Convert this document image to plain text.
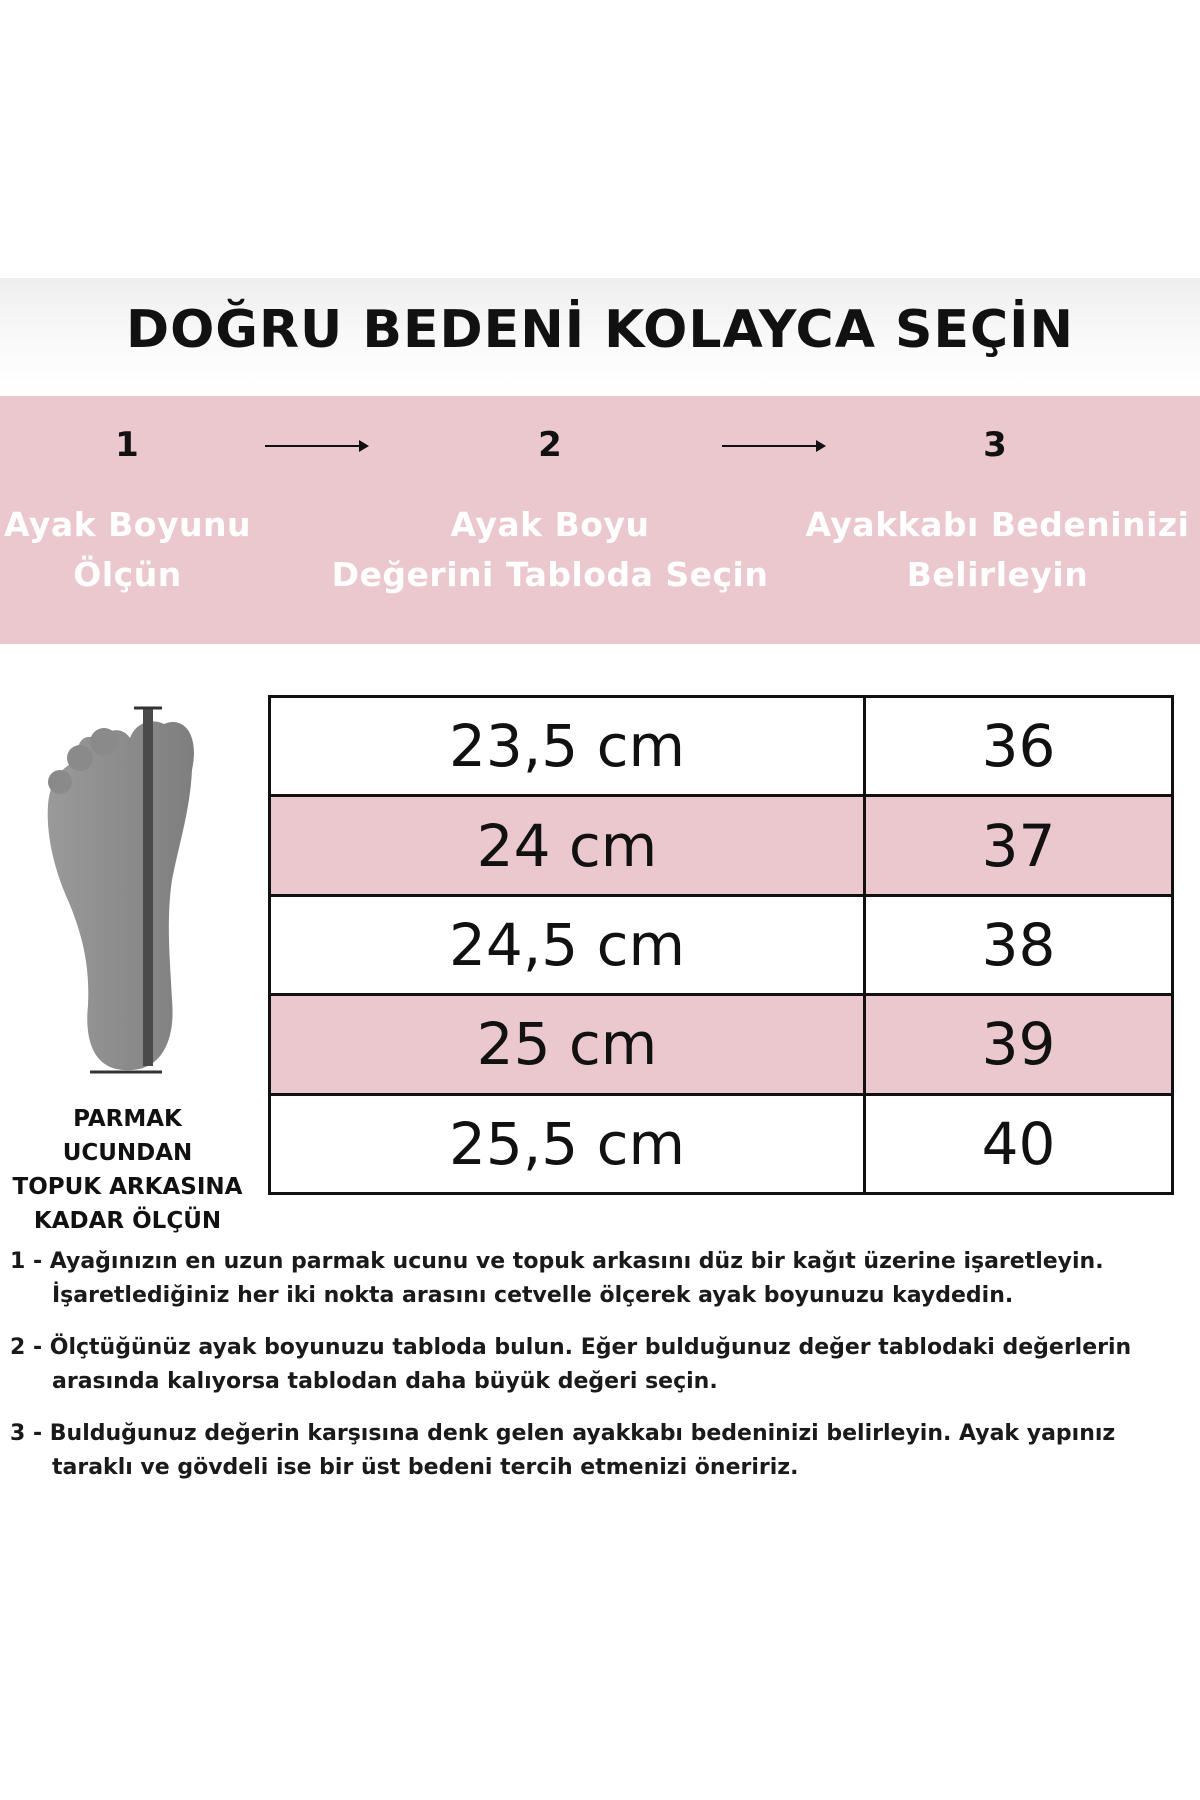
DOĞRU BEDENİ KOLAYCA SEÇİN
1	2	3
Ayak Boyunu
Ölçün
Ayak Boyu
Değerini Tabloda Seçin
Ayakkabı Bedeninizi
Belirleyin
PARMAK UCUNDAN
TOPUK ARKASINA
KADAR ÖLÇÜN
23,5 cm	36
24 cm	37
24,5 cm	38
25 cm	39
25,5 cm	40
1 - Ayağınızın en uzun parmak ucunu ve topuk arkasını düz bir kağıt üzerine işaretleyin.
İşaretlediğiniz her iki nokta arasını cetvelle ölçerek ayak boyunuzu kaydedin.
2 - Ölçtüğünüz ayak boyunuzu tabloda bulun. Eğer bulduğunuz değer tablodaki değerlerin
arasında kalıyorsa tablodan daha büyük değeri seçin.
3 - Bulduğunuz değerin karşısına denk gelen ayakkabı bedeninizi belirleyin. Ayak yapınız
taraklı ve gövdeli ise bir üst bedeni tercih etmenizi öneririz.
